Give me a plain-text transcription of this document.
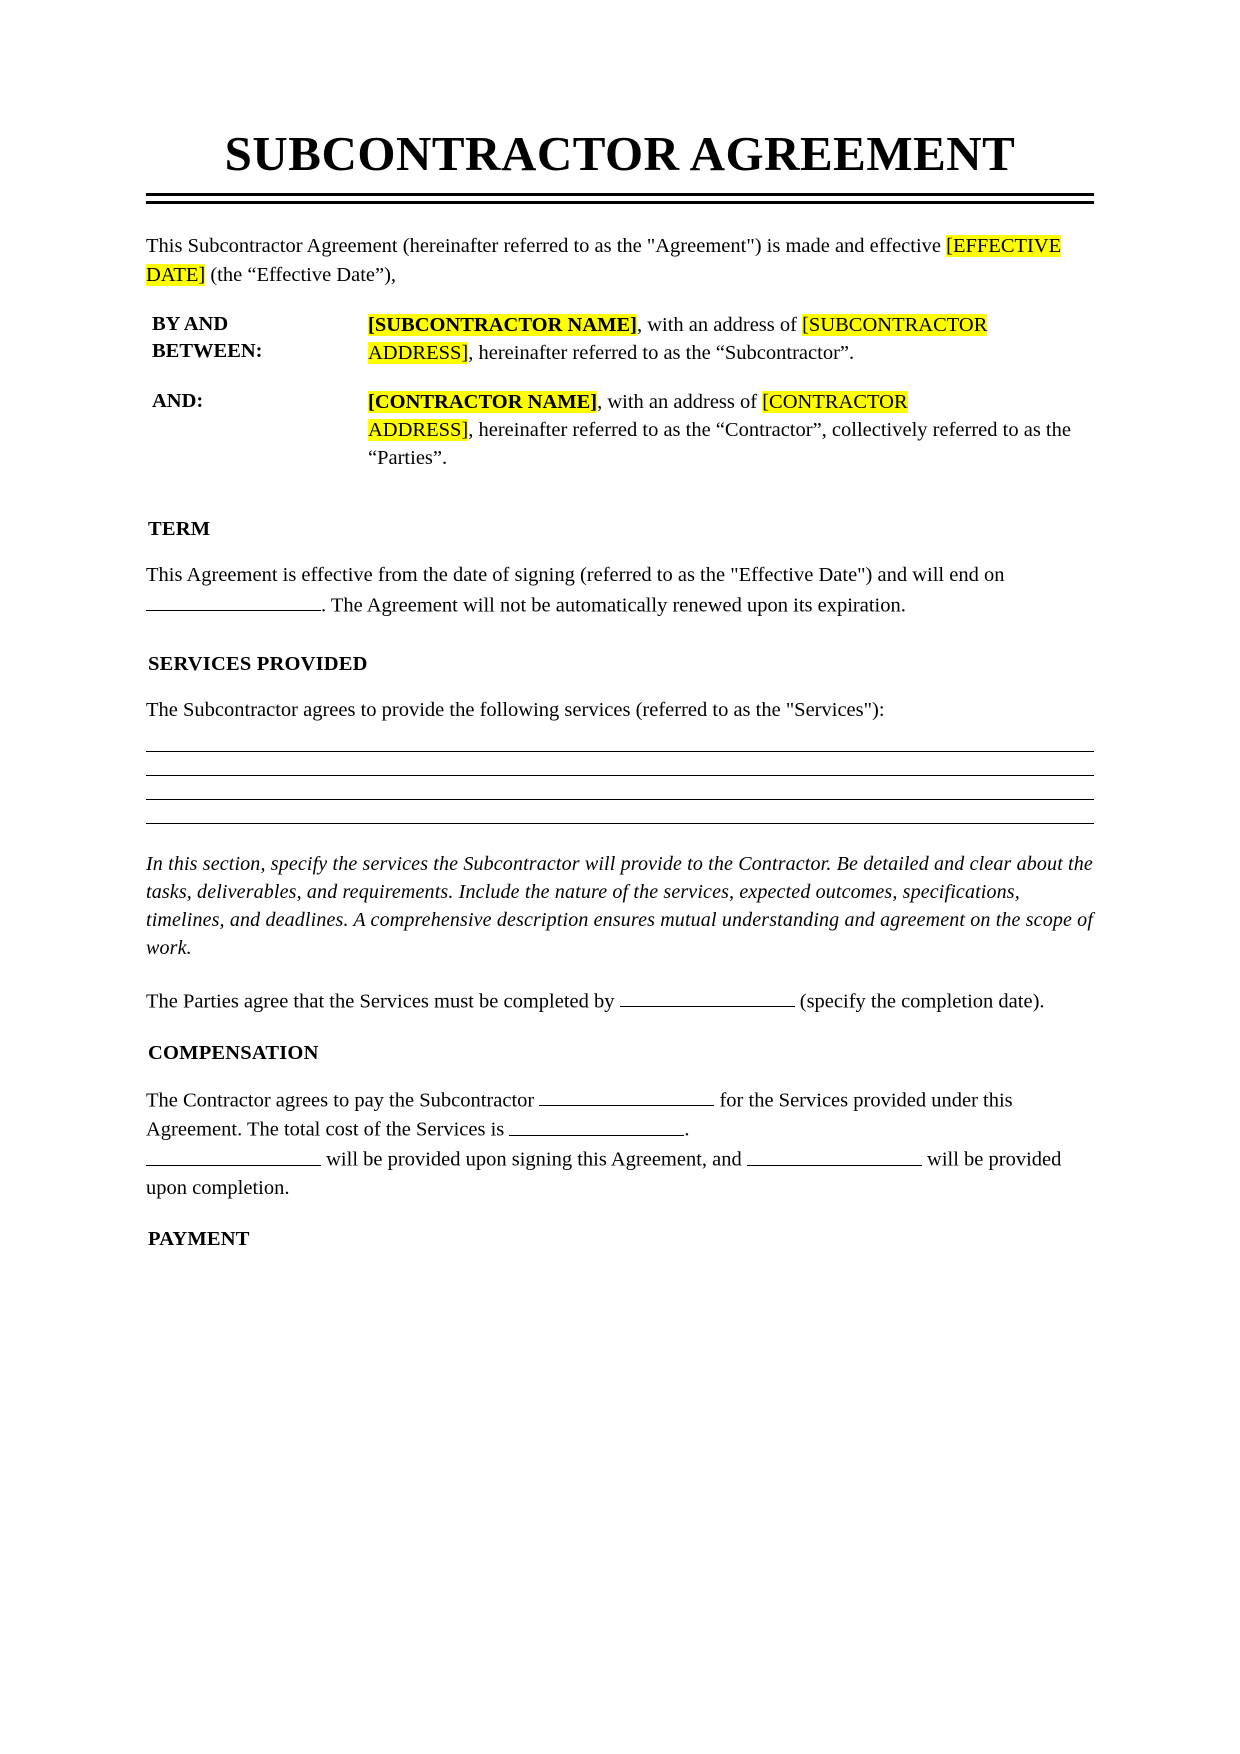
SUBCONTRACTOR AGREEMENT

This Subcontractor Agreement (hereinafter referred to as the "Agreement") is made and effective [EFFECTIVE DATE] (the “Effective Date”),

BY AND
BETWEEN:
[SUBCONTRACTOR NAME], with an address of [SUBCONTRACTOR ADDRESS], hereinafter referred to as the “Subcontractor”.
AND:	[CONTRACTOR NAME], with an address of [CONTRACTOR
ADDRESS], hereinafter referred to as the “Contractor”, collectively referred to as the “Parties”.
TERM

This Agreement is effective from the date of signing (referred to as the "Effective Date") and will end on . The Agreement will not be automatically renewed upon its expiration.

SERVICES PROVIDED

The Subcontractor agrees to provide the following services (referred to as the "Services"):

In this section, specify the services the Subcontractor will provide to the Contractor. Be detailed and clear about the tasks, deliverables, and requirements. Include the nature of the services, expected outcomes, specifications, timelines, and deadlines. A comprehensive description ensures mutual understanding and agreement on the scope of work.

The Parties agree that the Services must be completed by	(specify the completion date).

COMPENSATION

The Contractor agrees to pay the Subcontractor	for the Services provided under this Agreement. The total cost of the Services is	.
will be provided upon signing this Agreement, and	will be provided upon completion.

PAYMENT
